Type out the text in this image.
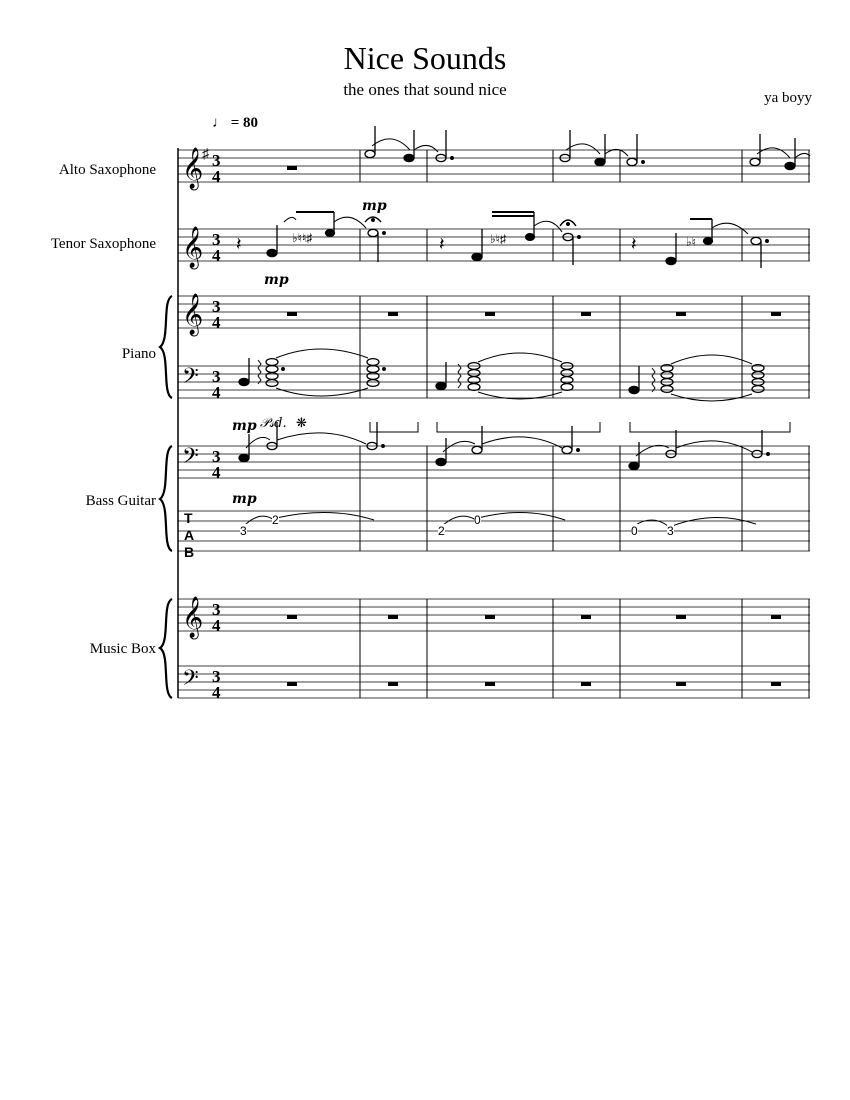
Nice Sounds
the ones that sound nice	ya boyy
♩ = 80
Alto Saxophone
Tenor Saxophone
Piano
Bass Guitar
Music Box
𝄞
𝄞
𝄞
𝄢
𝄢
𝄞
𝄢
♯ 3
4
3
4
3
4
3
4
3
4
3
4
3
4
T
A
B
𝄽	♭♮♮♯	𝄽	♭♮♯	𝄽	♭♮
3
2
2
0
0 3
mp
mp
mp 𝒫𝓈d. ❋
mp
